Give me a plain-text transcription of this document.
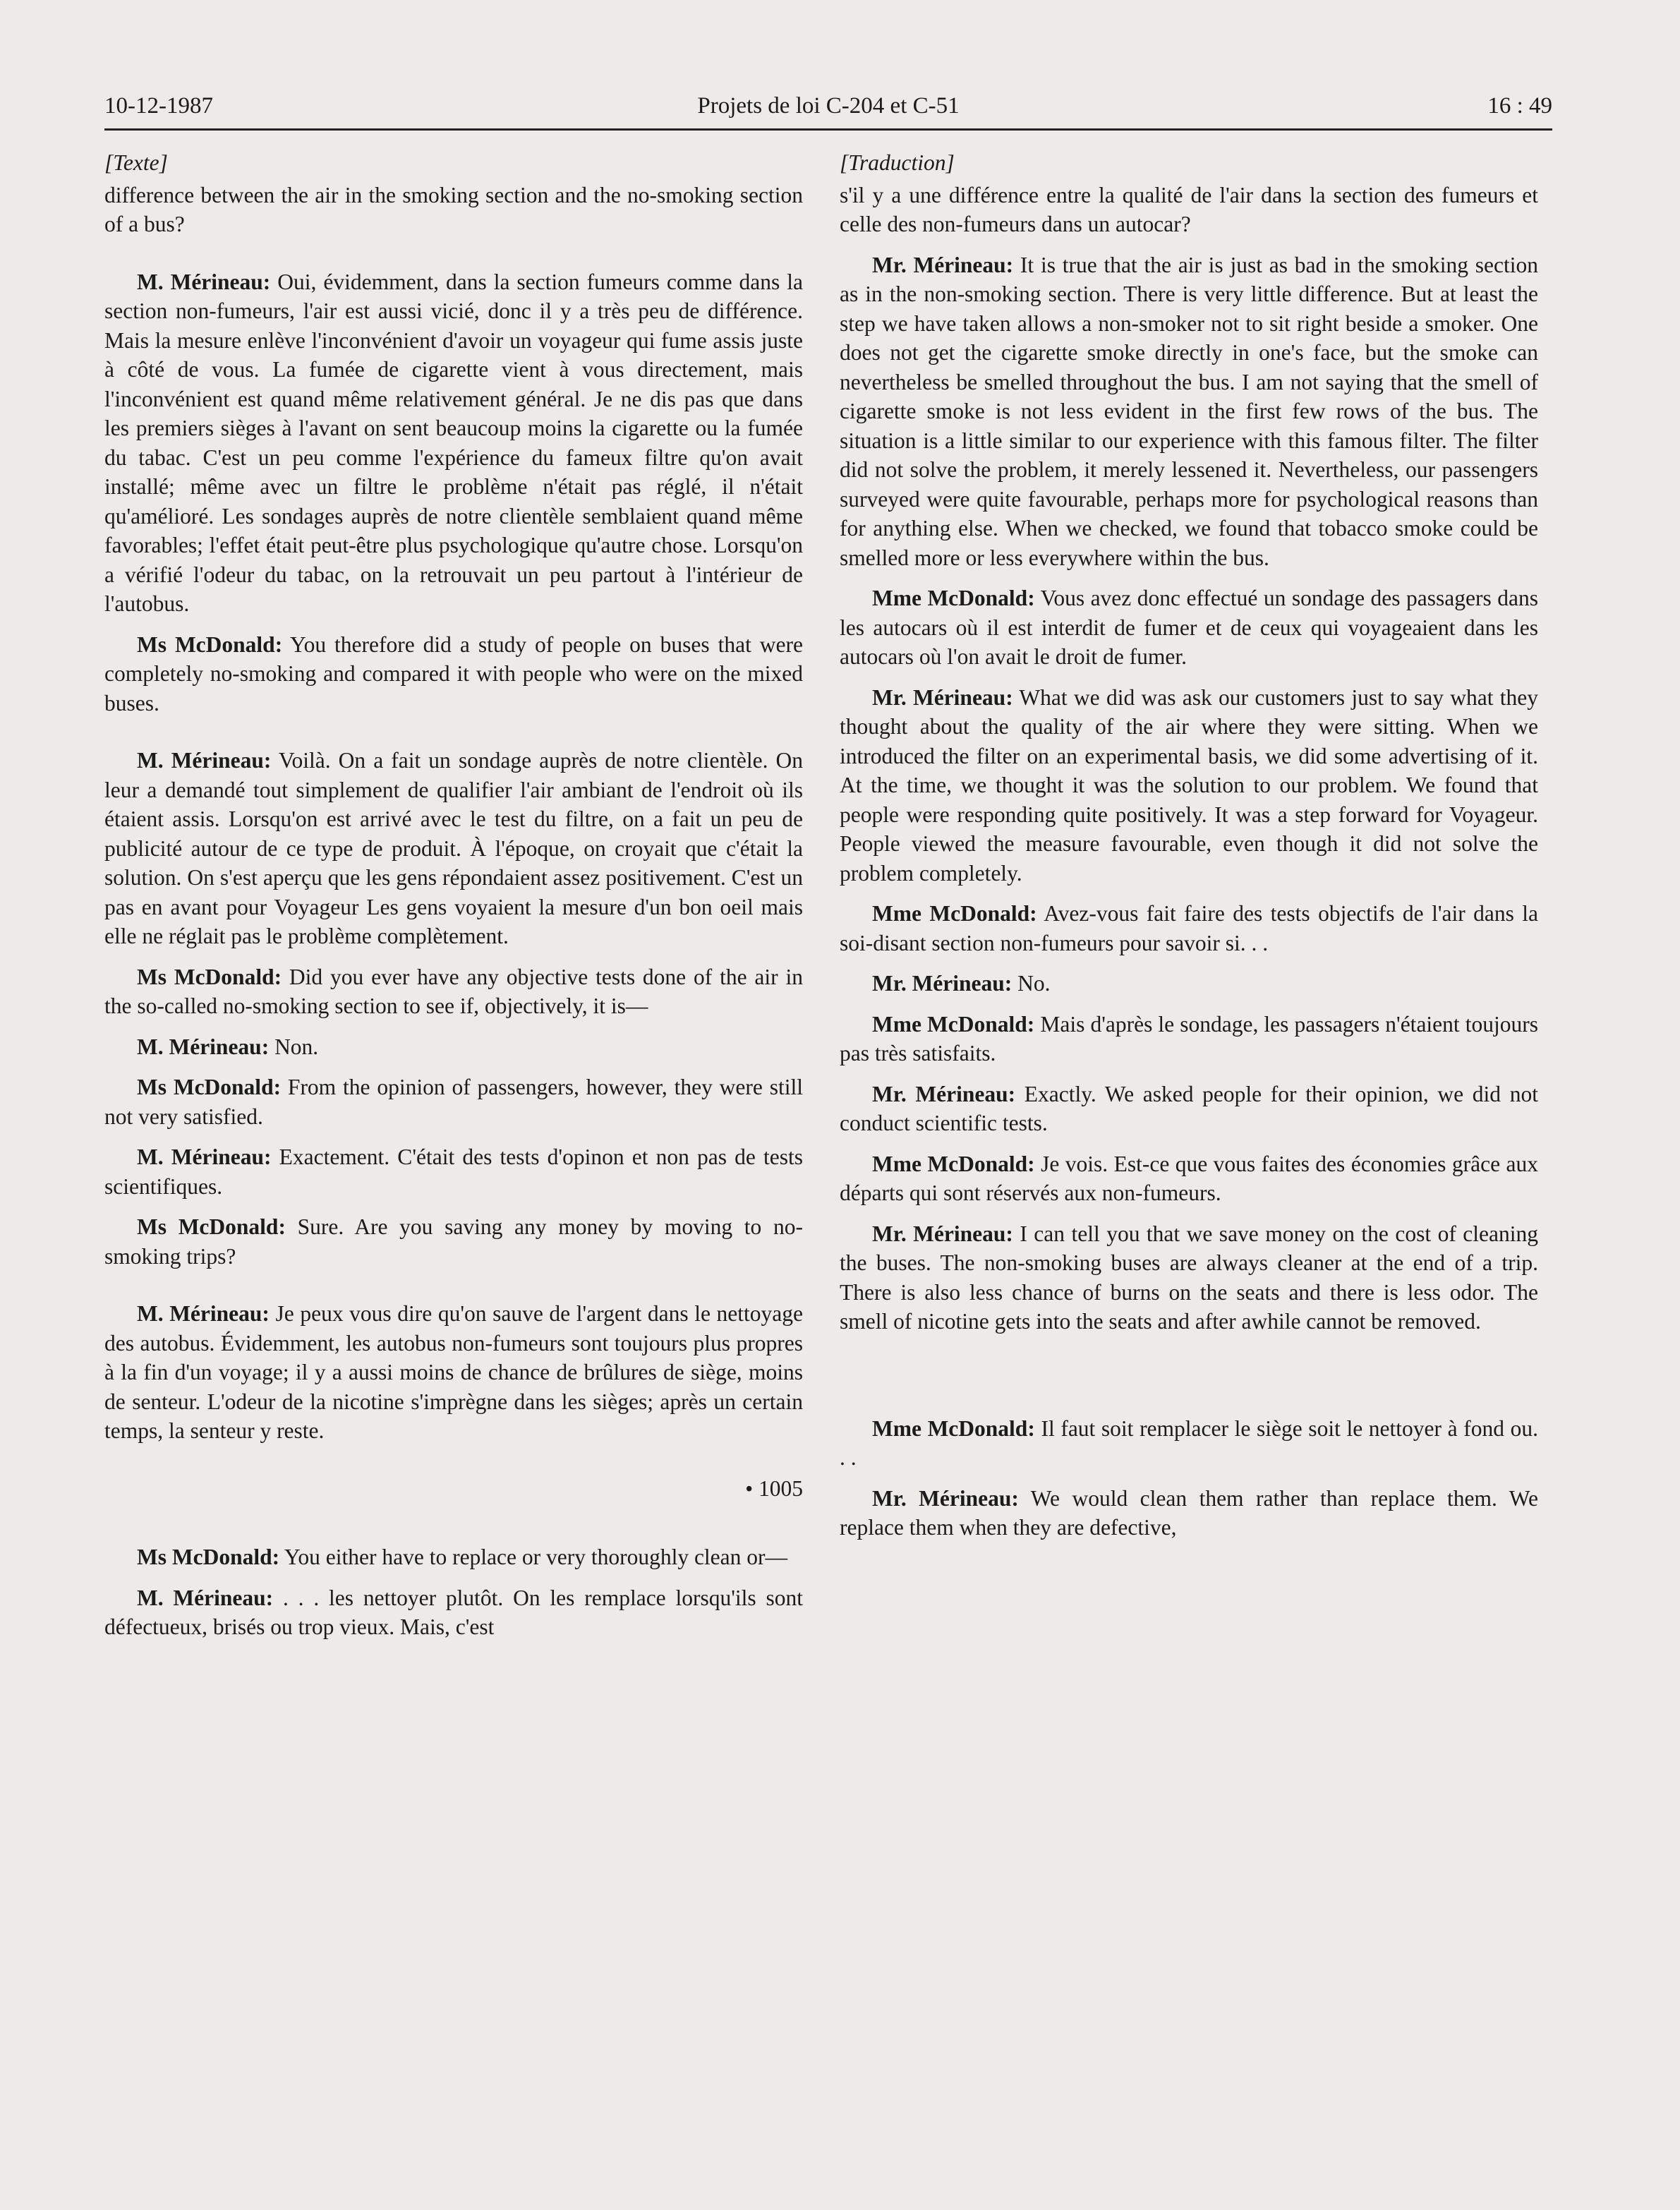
10-12-1987	Projets de loi C-204 et C-51	16 : 49
[Texte]

difference between the air in the smoking section and the no-smoking section of a bus?

M. Mérineau: Oui, évidemment, dans la section fumeurs comme dans la section non-fumeurs, l'air est aussi vicié, donc il y a très peu de différence. Mais la mesure enlève l'inconvénient d'avoir un voyageur qui fume assis juste à côté de vous. La fumée de cigarette vient à vous directement, mais l'inconvénient est quand même relativement général. Je ne dis pas que dans les premiers sièges à l'avant on sent beaucoup moins la cigarette ou la fumée du tabac. C'est un peu comme l'expérience du fameux filtre qu'on avait installé; même avec un filtre le problème n'était pas réglé, il n'était qu'amélioré. Les sondages auprès de notre clientèle semblaient quand même favorables; l'effet était peut-être plus psychologique qu'autre chose. Lorsqu'on a vérifié l'odeur du tabac, on la retrouvait un peu partout à l'intérieur de l'autobus.

Ms McDonald: You therefore did a study of people on buses that were completely no-smoking and compared it with people who were on the mixed buses.

M. Mérineau: Voilà. On a fait un sondage auprès de notre clientèle. On leur a demandé tout simplement de qualifier l'air ambiant de l'endroit où ils étaient assis. Lorsqu'on est arrivé avec le test du filtre, on a fait un peu de publicité autour de ce type de produit. À l'époque, on croyait que c'était la solution. On s'est aperçu que les gens répondaient assez positivement. C'est un pas en avant pour Voyageur Les gens voyaient la mesure d'un bon oeil mais elle ne réglait pas le problème complètement.

Ms McDonald: Did you ever have any objective tests done of the air in the so-called no-smoking section to see if, objectively, it is—

M. Mérineau: Non.

Ms McDonald: From the opinion of passengers, however, they were still not very satisfied.

M. Mérineau: Exactement. C'était des tests d'opinon et non pas de tests scientifiques.

Ms McDonald: Sure. Are you saving any money by moving to no-smoking trips?

M. Mérineau: Je peux vous dire qu'on sauve de l'argent dans le nettoyage des autobus. Évidemment, les autobus non-fumeurs sont toujours plus propres à la fin d'un voyage; il y a aussi moins de chance de brûlures de siège, moins de senteur. L'odeur de la nicotine s'imprègne dans les sièges; après un certain temps, la senteur y reste.

• 1005

Ms McDonald: You either have to replace or very thoroughly clean or—

M. Mérineau: . . . les nettoyer plutôt. On les remplace lorsqu'ils sont défectueux, brisés ou trop vieux. Mais, c'est

[Traduction]

s'il y a une différence entre la qualité de l'air dans la section des fumeurs et celle des non-fumeurs dans un autocar?

Mr. Mérineau: It is true that the air is just as bad in the smoking section as in the non-smoking section. There is very little difference. But at least the step we have taken allows a non-smoker not to sit right beside a smoker. One does not get the cigarette smoke directly in one's face, but the smoke can nevertheless be smelled throughout the bus. I am not saying that the smell of cigarette smoke is not less evident in the first few rows of the bus. The situation is a little similar to our experience with this famous filter. The filter did not solve the problem, it merely lessened it. Nevertheless, our passengers surveyed were quite favourable, perhaps more for psychological reasons than for anything else. When we checked, we found that tobacco smoke could be smelled more or less everywhere within the bus.

Mme McDonald: Vous avez donc effectué un sondage des passagers dans les autocars où il est interdit de fumer et de ceux qui voyageaient dans les autocars où l'on avait le droit de fumer.

Mr. Mérineau: What we did was ask our customers just to say what they thought about the quality of the air where they were sitting. When we introduced the filter on an experimental basis, we did some advertising of it. At the time, we thought it was the solution to our problem. We found that people were responding quite positively. It was a step forward for Voyageur. People viewed the measure favourable, even though it did not solve the problem completely.

Mme McDonald: Avez-vous fait faire des tests objectifs de l'air dans la soi-disant section non-fumeurs pour savoir si. . .

Mr. Mérineau: No.

Mme McDonald: Mais d'après le sondage, les passagers n'étaient toujours pas très satisfaits.

Mr. Mérineau: Exactly. We asked people for their opinion, we did not conduct scientific tests.

Mme McDonald: Je vois. Est-ce que vous faites des économies grâce aux départs qui sont réservés aux non-fumeurs.

Mr. Mérineau: I can tell you that we save money on the cost of cleaning the buses. The non-smoking buses are always cleaner at the end of a trip. There is also less chance of burns on the seats and there is less odor. The smell of nicotine gets into the seats and after awhile cannot be removed.

Mme McDonald: Il faut soit remplacer le siège soit le nettoyer à fond ou. . .

Mr. Mérineau: We would clean them rather than replace them. We replace them when they are defective,
